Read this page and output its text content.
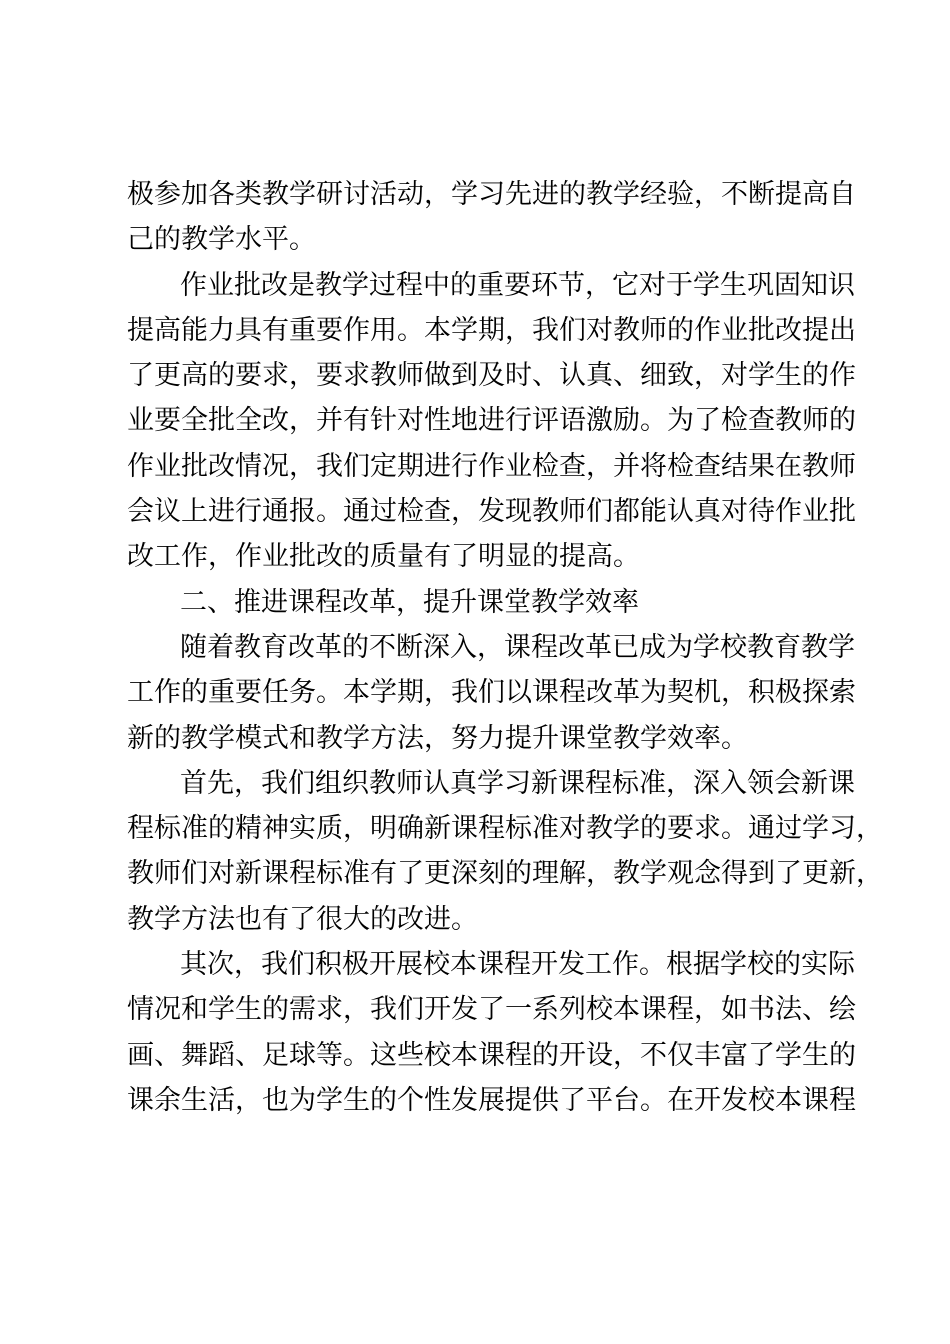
极参加各类教学研讨活动，学习先进的教学经验，不断提高自
己的教学水平。
作业批改是教学过程中的重要环节，它对于学生巩固知识
提高能力具有重要作用。本学期，我们对教师的作业批改提出
了更高的要求，要求教师做到及时、认真、细致，对学生的作
业要全批全改，并有针对性地进行评语激励。为了检查教师的
作业批改情况，我们定期进行作业检查，并将检查结果在教师
会议上进行通报。通过检查，发现教师们都能认真对待作业批
改工作，作业批改的质量有了明显的提高。
二、推进课程改革，提升课堂教学效率
随着教育改革的不断深入，课程改革已成为学校教育教学
工作的重要任务。本学期，我们以课程改革为契机，积极探索
新的教学模式和教学方法，努力提升课堂教学效率。
首先，我们组织教师认真学习新课程标准，深入领会新课
程标准的精神实质，明确新课程标准对教学的要求。通过学习，
教师们对新课程标准有了更深刻的理解，教学观念得到了更新，
教学方法也有了很大的改进。
其次，我们积极开展校本课程开发工作。根据学校的实际
情况和学生的需求，我们开发了一系列校本课程，如书法、绘
画、舞蹈、足球等。这些校本课程的开设，不仅丰富了学生的
课余生活，也为学生的个性发展提供了平台。在开发校本课程
